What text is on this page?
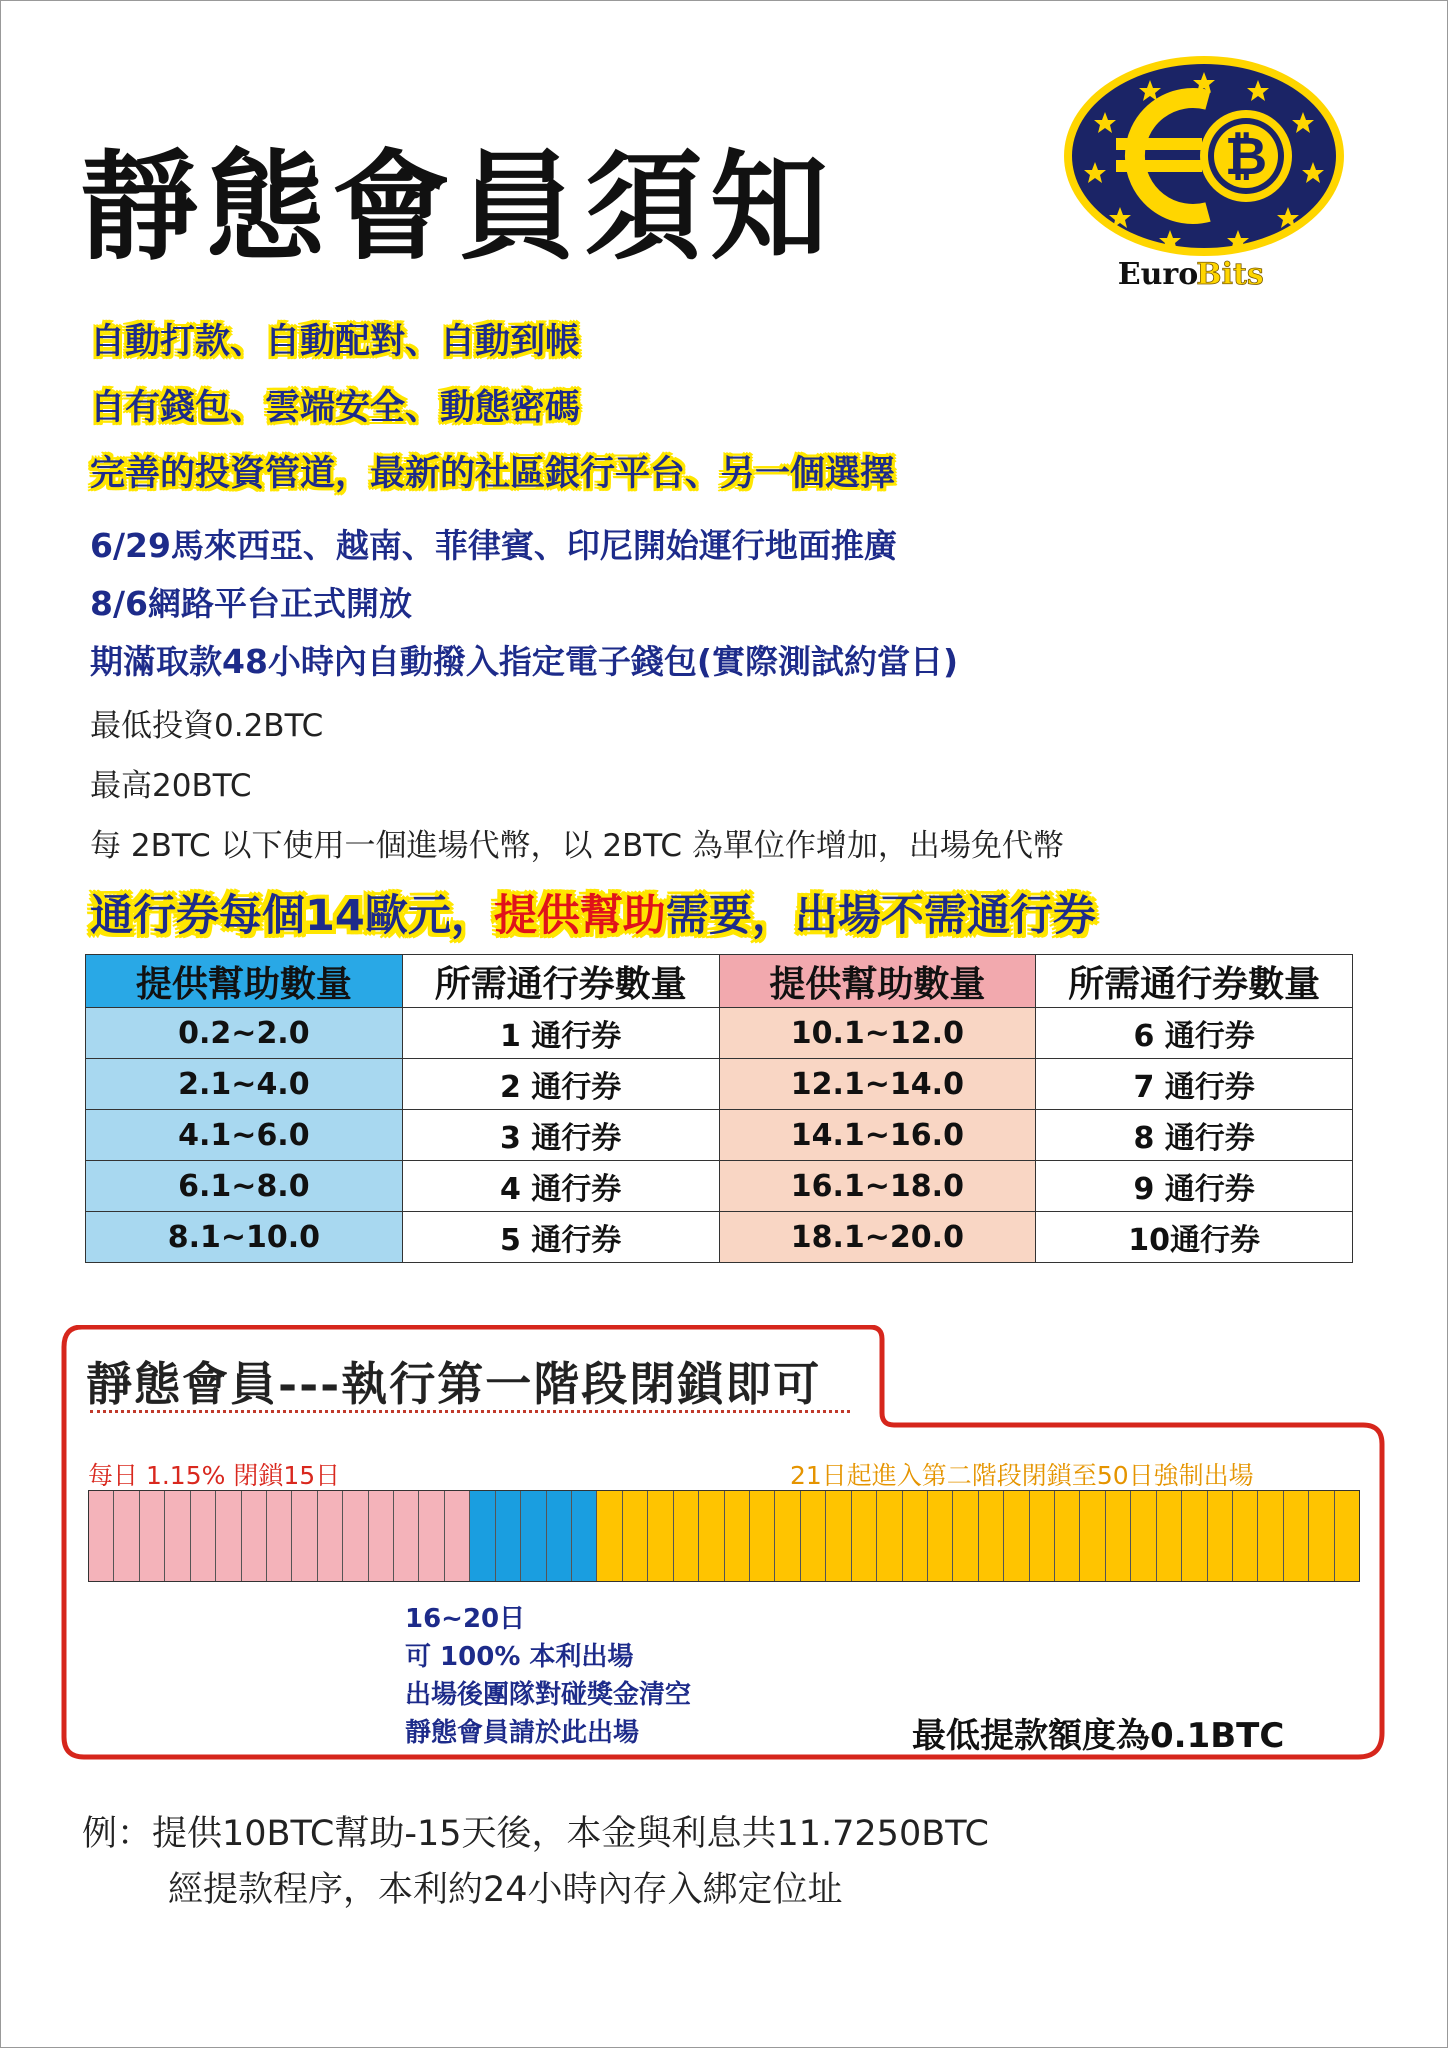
靜態會員須知	₿
Euro
Bits
自動打款、自動配對、自動到帳
自有錢包、雲端安全、動態密碼
完善的投資管道，最新的社區銀行平台、另一個選擇
6/29馬來西亞、越南、菲律賓、印尼開始運行地面推廣
8/6網路平台正式開放
期滿取款48小時內自動撥入指定電子錢包(實際測試約當日)
最低投資0.2BTC
最高20BTC
每 2BTC 以下使用一個進場代幣，以 2BTC 為單位作增加，出場免代幣
通行券每個14歐元，提供幫助需要，出場不需通行券
提供幫助數量	所需通行券數量	提供幫助數量	所需通行券數量
0.2~2.0	1 通行券	10.1~12.0	6 通行券
2.1~4.0	2 通行券	12.1~14.0	7 通行券
4.1~6.0	3 通行券	14.1~16.0	8 通行券
6.1~8.0	4 通行券	16.1~18.0	9 通行券
8.1~10.0	5 通行券	18.1~20.0	10通行券
靜態會員---執行第一階段閉鎖即可
每日 1.15% 閉鎖15日	21日起進入第二階段閉鎖至50日強制出場
16~20日
可 100% 本利出場
出場後團隊對碰獎金清空
靜態會員請於此出場	最低提款額度為0.1BTC
例：提供10BTC幫助-15天後，本金與利息共11.7250BTC
經提款程序，本利約24小時內存入綁定位址
